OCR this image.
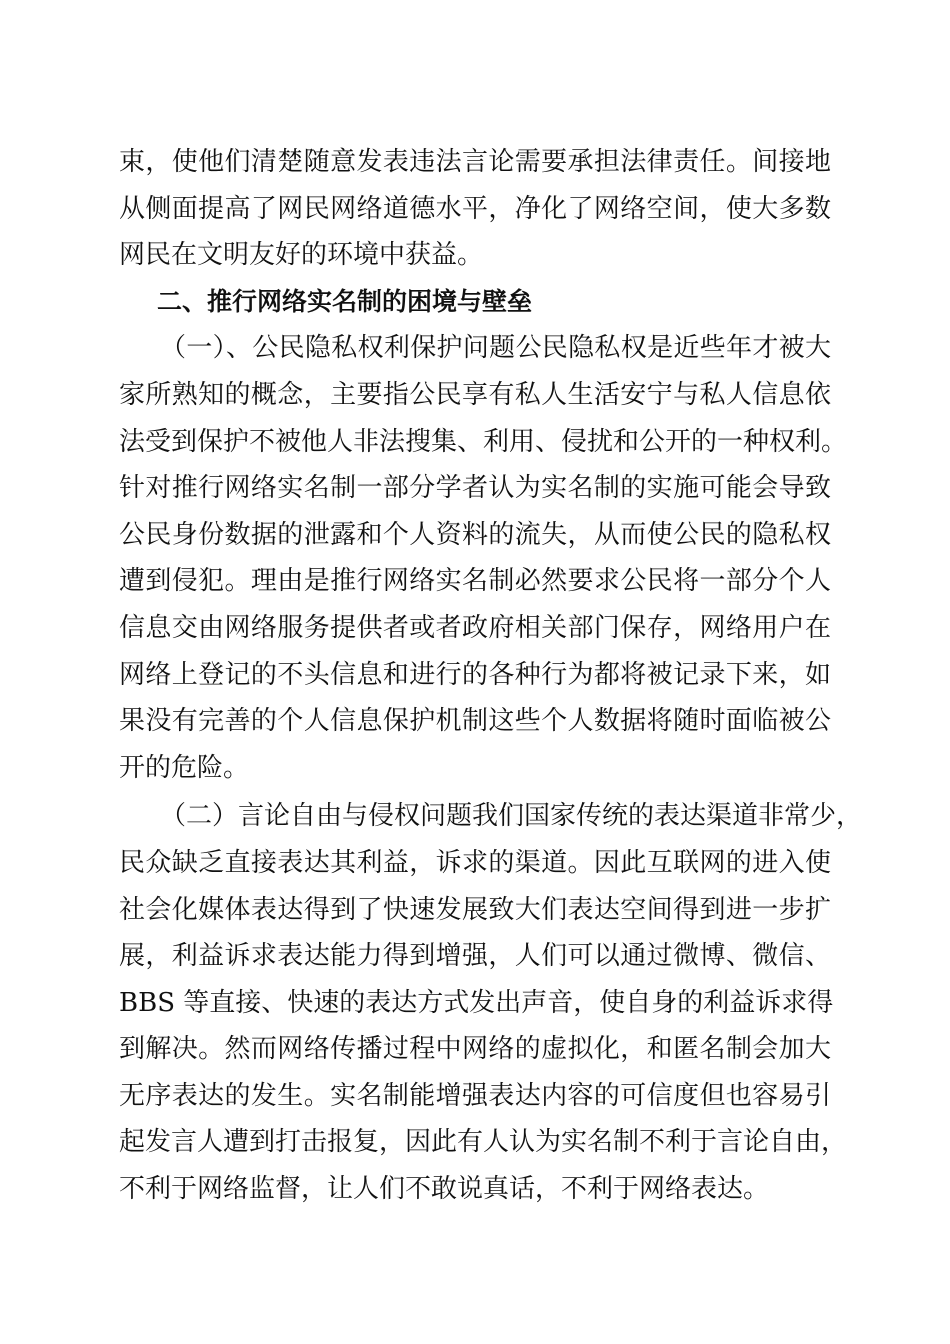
束，使他们清楚随意发表违法言论需要承担法律责任。间接地
从侧面提高了网民网络道德水平，净化了网络空间，使大多数
网民在文明友好的环境中获益。
二、推行网络实名制的困境与壁垒
（一）、公民隐私权利保护问题公民隐私权是近些年才被大
家所熟知的概念，主要指公民享有私人生活安宁与私人信息依
法受到保护不被他人非法搜集、利用、侵扰和公开的一种权利。
针对推行网络实名制一部分学者认为实名制的实施可能会导致
公民身份数据的泄露和个人资料的流失，从而使公民的隐私权
遭到侵犯。理由是推行网络实名制必然要求公民将一部分个人
信息交由网络服务提供者或者政府相关部门保存，网络用户在
网络上登记的不头信息和进行的各种行为都将被记录下来，如
果没有完善的个人信息保护机制这些个人数据将随时面临被公
开的危险。
（二）言论自由与侵权问题我们国家传统的表达渠道非常少，
民众缺乏直接表达其利益，诉求的渠道。因此互联网的进入使
社会化媒体表达得到了快速发展致大们表达空间得到进一步扩
展，利益诉求表达能力得到增强，人们可以通过微博、微信、
BBS 等直接、快速的表达方式发出声音，使自身的利益诉求得
到解决。然而网络传播过程中网络的虚拟化，和匿名制会加大
无序表达的发生。实名制能增强表达内容的可信度但也容易引
起发言人遭到打击报复，因此有人认为实名制不利于言论自由，
不利于网络监督，让人们不敢说真话，不利于网络表达。
